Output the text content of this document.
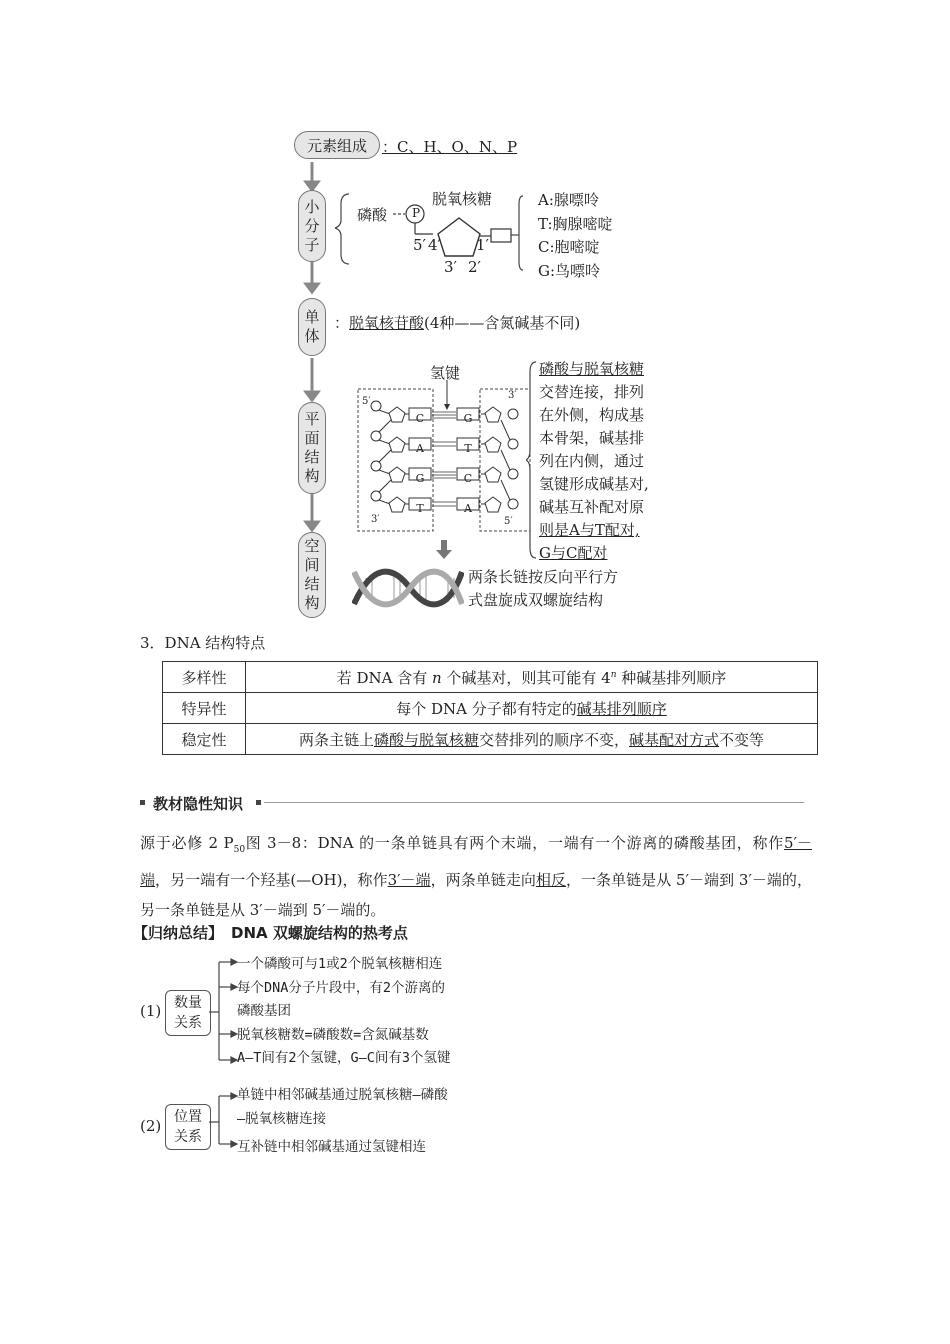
元素组成 ：C、H、O、N、P
小
分
子
磷酸 P
脱氧核糖
5′ 4′
3′ 2′
1′
A:腺嘌呤
T:胸腺嘧啶
C:胞嘧啶
G:鸟嘌呤
单
体
：脱氧核苷酸(4种——含氮碱基不同)
平
面
结
构
氢键
C
A
G
T
G
T
C
A
5′
3′
3′
5′
磷酸与脱氧核糖
交替连接，排列
在外侧，构成基
本骨架，碱基排
列在内侧，通过
氢键形成碱基对,
碱基互补配对原
则是A与T配对,
G与C配对
空
间
结
构
两条长链按反向平行方
式盘旋成双螺旋结构
3．DNA 结构特点
多样性	若 DNA 含有 n 个碱基对，则其可能有 4$^n$ 种碱基排列顺序
特异性	每个 DNA 分子都有特定的碱基排列顺序
稳定性	两条主链上磷酸与脱氧核糖交替排列的顺序不变，碱基配对方式不变等
教材隐性知识
源于必修 2 $P_{50}$图 3－8：DNA 的一条单链具有两个末端，一端有一个游离的磷酸基团，称作5′－端，另一端有一个羟基(—OH)，称作3′－端，两条单链走向相反，一条单链是从 5′－端到 3′－端的，另一条单链是从 3′－端到 5′－端的。
【归纳总结】 DNA 双螺旋结构的热考点
(1) 数量
关系
一个磷酸可与1或2个脱氧核糖相连
每个DNA分子片段中，有2个游离的
磷酸基团
脱氧核糖数=磷酸数=含氮碱基数
A—T间有2个氢键，G—C间有3个氢键
(2) 位置
关系
单链中相邻碱基通过脱氧核糖—磷酸
—脱氧核糖连接
互补链中相邻碱基通过氢键相连
